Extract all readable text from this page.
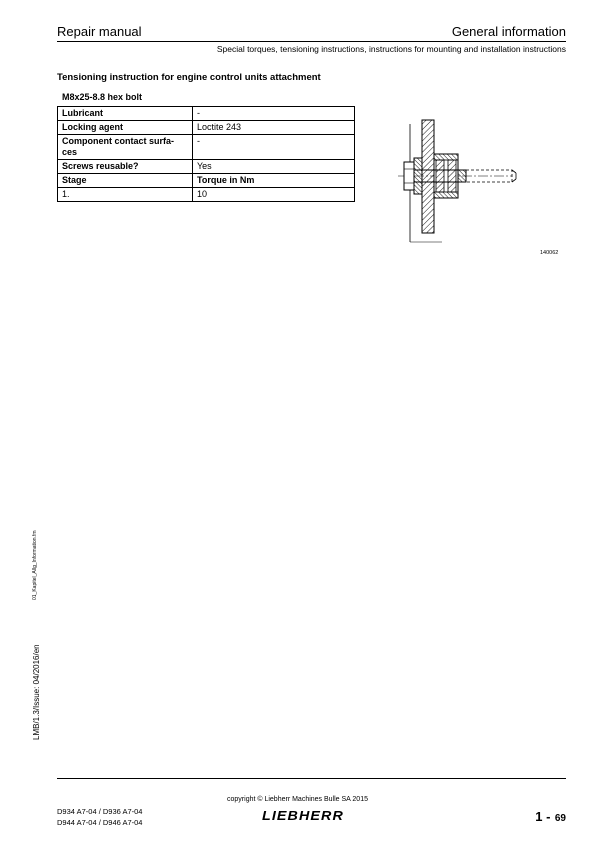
Repair manual	General information
Special torques, tensioning instructions, instructions for mounting and installation instructions
Tensioning instruction for engine control units attachment
M8x25-8.8 hex bolt
Lubricant	-
Locking agent	Loctite 243
Component contact surfa-ces	-
Screws reusable?	Yes
Stage	Torque in Nm
1.	10
140062
01_Kapitel_Allg_Information.fm
LMB/1.3/Issue: 04/2016/en
copyright © Liebherr Machines Bulle SA 2015
D934 A7-04 / D936 A7-04
D944 A7-04 / D946 A7-04	LIEBHERR	1 - 69
